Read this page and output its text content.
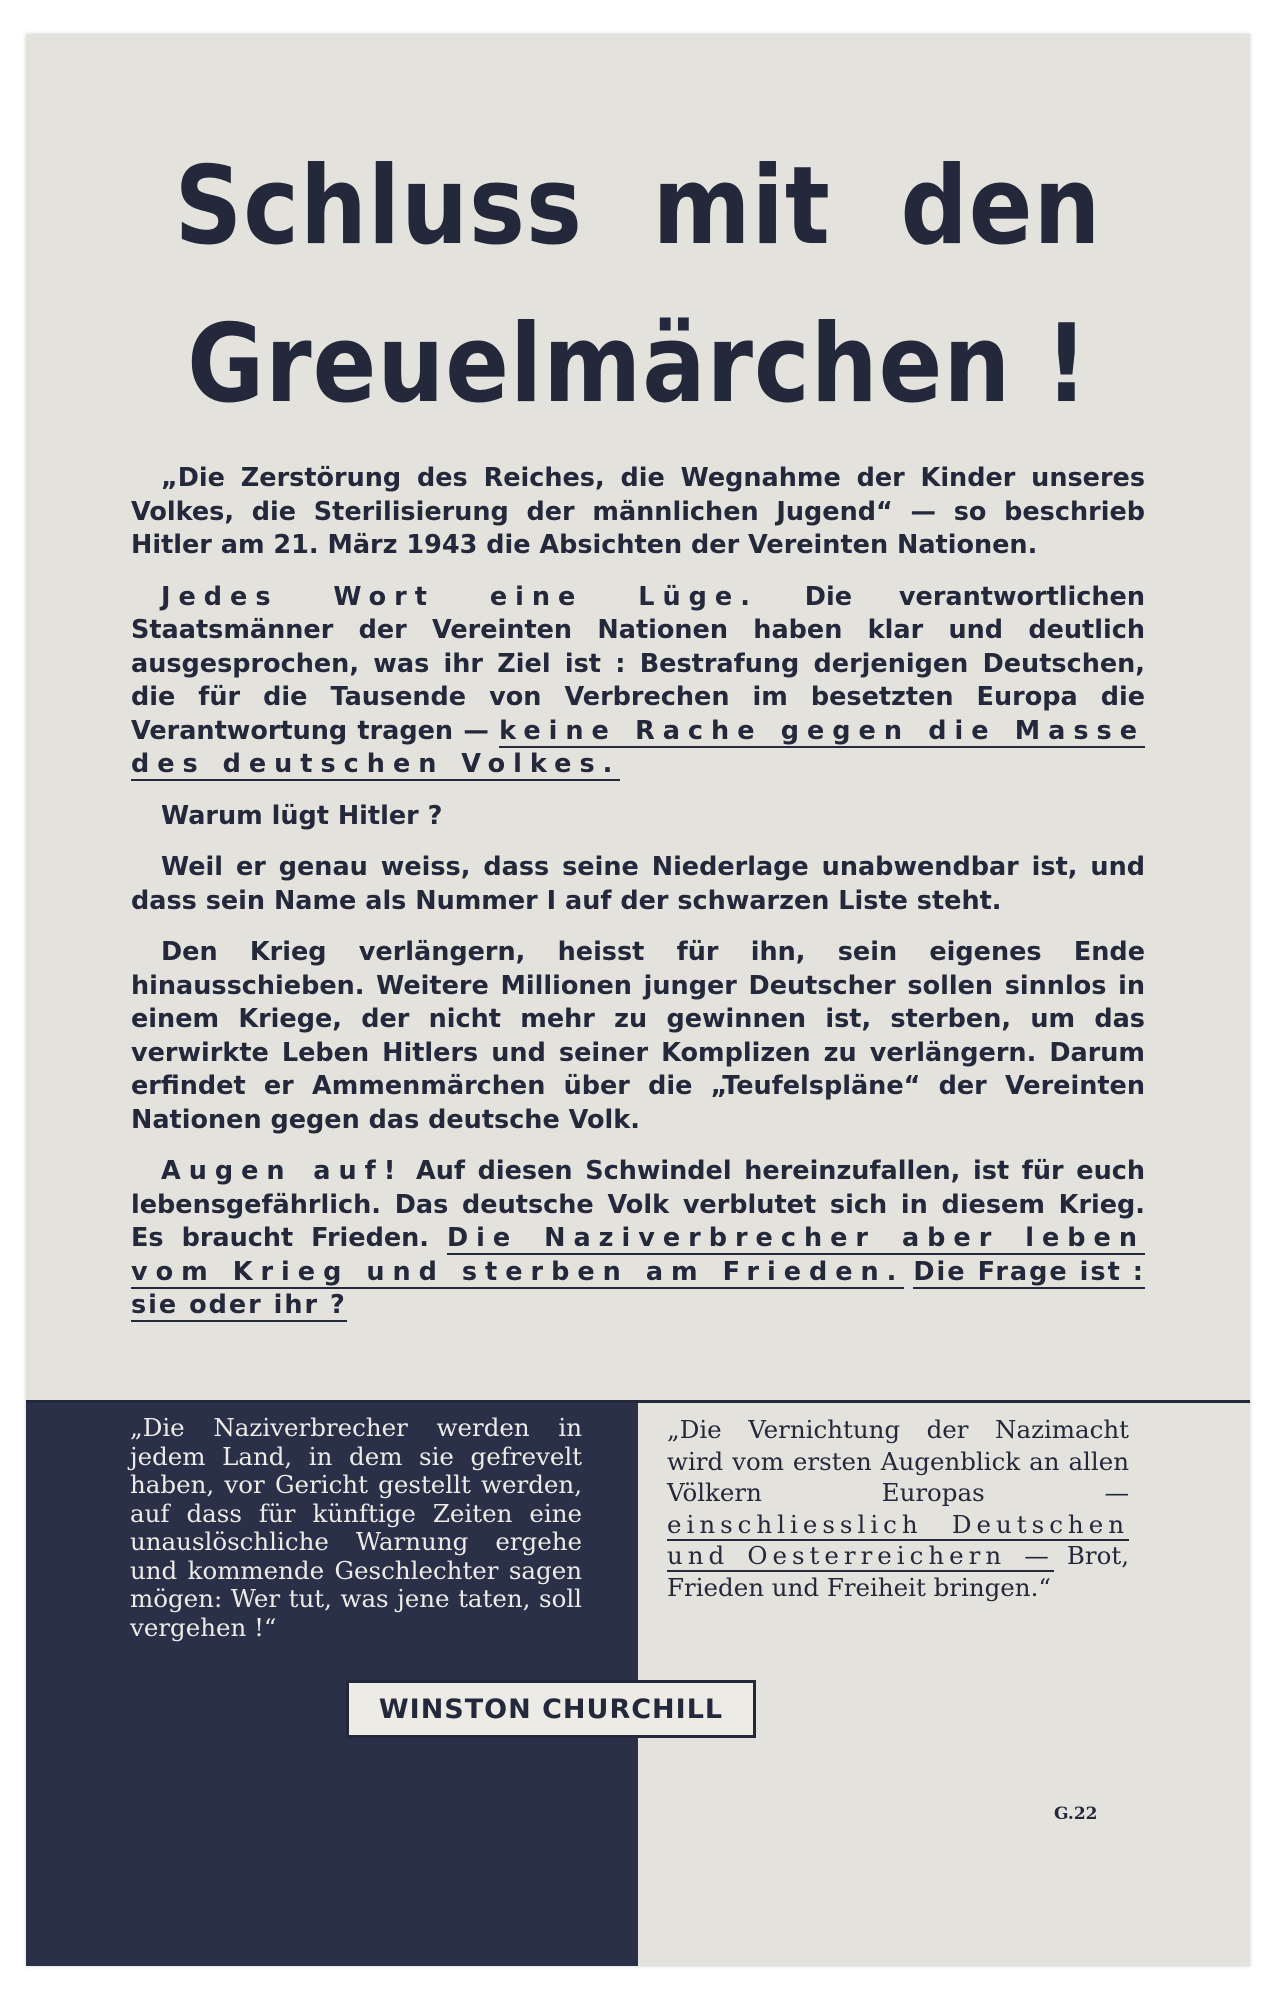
Schluss mit den
Greuelmärchen !

„Die Zerstörung des Reiches, die Wegnahme der Kinder unseres Volkes, die Sterilisierung der männlichen Jugend“ — so beschrieb Hitler am 21. März 1943 die Absichten der Vereinten Nationen.

Jedes Wort eine Lüge. Die verantwortlichen Staatsmänner der Vereinten Nationen haben klar und deutlich ausgesprochen, was ihr Ziel ist : Bestrafung derjenigen Deutschen, die für die Tausende von Verbrechen im besetzten Europa die Verantwortung tragen — keine Rache gegen die Masse des deutschen Volkes.

Warum lügt Hitler ?

Weil er genau weiss, dass seine Niederlage unabwendbar ist, und dass sein Name als Nummer I auf der schwarzen Liste steht.

Den Krieg verlängern, heisst für ihn, sein eigenes Ende hinausschieben. Weitere Millionen junger Deutscher sollen sinnlos in einem Kriege, der nicht mehr zu gewinnen ist, sterben, um das verwirkte Leben Hitlers und seiner Komplizen zu verlängern. Darum erfindet er Ammenmärchen über die „Teufelspläne“ der Vereinten Nationen gegen das deutsche Volk.

Augen auf! Auf diesen Schwindel hereinzufallen, ist für euch lebensgefährlich. Das deutsche Volk verblutet sich in diesem Krieg. Es braucht Frieden. Die Naziverbrecher aber leben vom Krieg und sterben am Frieden. Die Frage ist : sie oder ihr ?

„Die Naziverbrecher werden in jedem Land, in dem sie gefrevelt haben, vor Gericht gestellt werden, auf dass für künftige Zeiten eine unauslöschliche Warnung ergehe und kommende Geschlechter sagen mögen: Wer tut, was jene taten, soll vergehen !“

„Die Vernichtung der Nazimacht wird vom ersten Augenblick an allen Völkern Europas — einschliesslich Deutschen und Oesterreichern — Brot, Frieden und Freiheit bringen.“

WINSTON CHURCHILL
G.22
